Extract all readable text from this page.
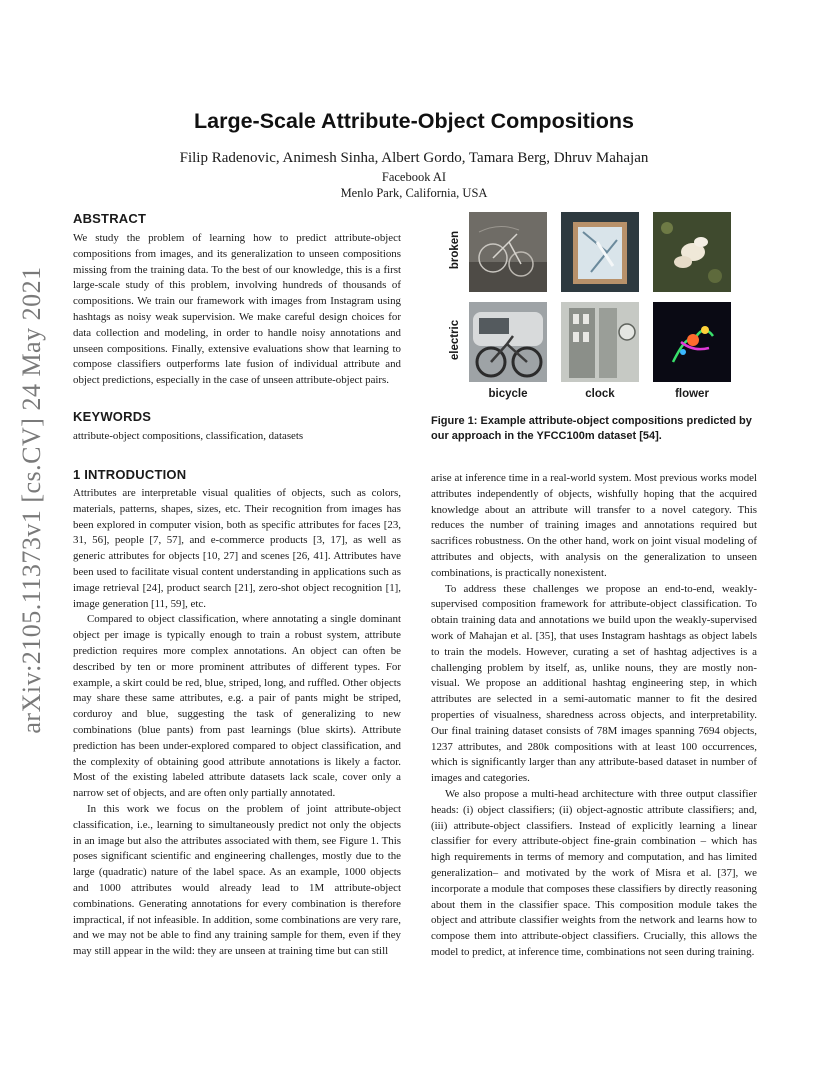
arXiv:2105.11373v1 [cs.CV] 24 May 2021
Large-Scale Attribute-Object Compositions
Filip Radenovic, Animesh Sinha, Albert Gordo, Tamara Berg, Dhruv Mahajan
Facebook AI
Menlo Park, California, USA
ABSTRACT

We study the problem of learning how to predict attribute-object compositions from images, and its generalization to unseen compositions missing from the training data. To the best of our knowledge, this is a first large-scale study of this problem, involving hundreds of thousands of compositions. We train our framework with images from Instagram using hashtags as noisy weak supervision. We make careful design choices for data collection and modeling, in order to handle noisy annotations and unseen compositions. Finally, extensive evaluations show that learning to compose classifiers outperforms late fusion of individual attribute and object predictions, especially in the case of unseen attribute-object pairs.

KEYWORDS

attribute-object compositions, classification, datasets

1 INTRODUCTION

Attributes are interpretable visual qualities of objects, such as colors, materials, patterns, shapes, sizes, etc. Their recognition from images has been explored in computer vision, both as specific attributes for faces [23, 31, 56], people [7, 57], and e-commerce products [3, 17], as well as generic attributes for objects [10, 27] and scenes [26, 41]. Attributes have been used to facilitate visual content understanding in applications such as image retrieval [24], product search [21], zero-shot object recognition [1], image generation [11, 59], etc.

Compared to object classification, where annotating a single dominant object per image is typically enough to train a robust system, attribute prediction requires more complex annotations. An object can often be described by ten or more prominent attributes of different types. For example, a skirt could be red, blue, striped, long, and ruffled. Other objects may share these same attributes, e.g. a pair of pants might be striped, corduroy and blue, suggesting the task of generalizing to new combinations (blue pants) from past learnings (blue skirts). Attribute prediction has been under-explored compared to object classification, and the complexity of obtaining good attribute annotations is likely a factor. Most of the existing labeled attribute datasets lack scale, cover only a narrow set of objects, and are often only partially annotated.

In this work we focus on the problem of joint attribute-object classification, i.e., learning to simultaneously predict not only the objects in an image but also the attributes associated with them, see Figure 1. This poses significant scientific and engineering challenges, mostly due to the large (quadratic) nature of the label space. As an example, 1000 objects and 1000 attributes would already lead to 1M attribute-object combinations. Generating annotations for every combination is therefore impractical, if not infeasible. In addition, some combinations are very rare, and we may not be able to find any training sample for them, even if they may still appear in the wild: they are unseen at training time but can still

broken
electric
bicycle	clock	flower
Figure 1: Example attribute-object compositions predicted by our approach in the YFCC100m dataset [54].

arise at inference time in a real-world system. Most previous works model attributes independently of objects, wishfully hoping that the acquired knowledge about an attribute will transfer to a novel category. This reduces the number of training images and annotations required but sacrifices robustness. On the other hand, work on joint visual modeling of attributes and objects, with analysis on the generalization to unseen combinations, is practically nonexistent.

To address these challenges we propose an end-to-end, weakly-supervised composition framework for attribute-object classification. To obtain training data and annotations we build upon the weakly-supervised work of Mahajan et al. [35], that uses Instagram hashtags as object labels to train the models. However, curating a set of hashtag adjectives is a challenging problem by itself, as, unlike nouns, they are mostly non-visual. We propose an additional hashtag engineering step, in which attributes are selected in a semi-automatic manner to fit the desired properties of visualness, sharedness across objects, and interpretability. Our final training dataset consists of 78M images spanning 7694 objects, 1237 attributes, and 280k compositions with at least 100 occurrences, which is significantly larger than any attribute-based dataset in number of images and categories.

We also propose a multi-head architecture with three output classifier heads: (i) object classifiers; (ii) object-agnostic attribute classifiers; and, (iii) attribute-object classifiers. Instead of explicitly learning a linear classifier for every attribute-object fine-grain combination – which has high requirements in terms of memory and computation, and has limited generalization– and motivated by the work of Misra et al. [37], we incorporate a module that composes these classifiers by directly reasoning about them in the classifier space. This composition module takes the object and attribute classifier weights from the network and learns how to compose them into attribute-object classifiers. Crucially, this allows the model to predict, at inference time, combinations not seen during training.
